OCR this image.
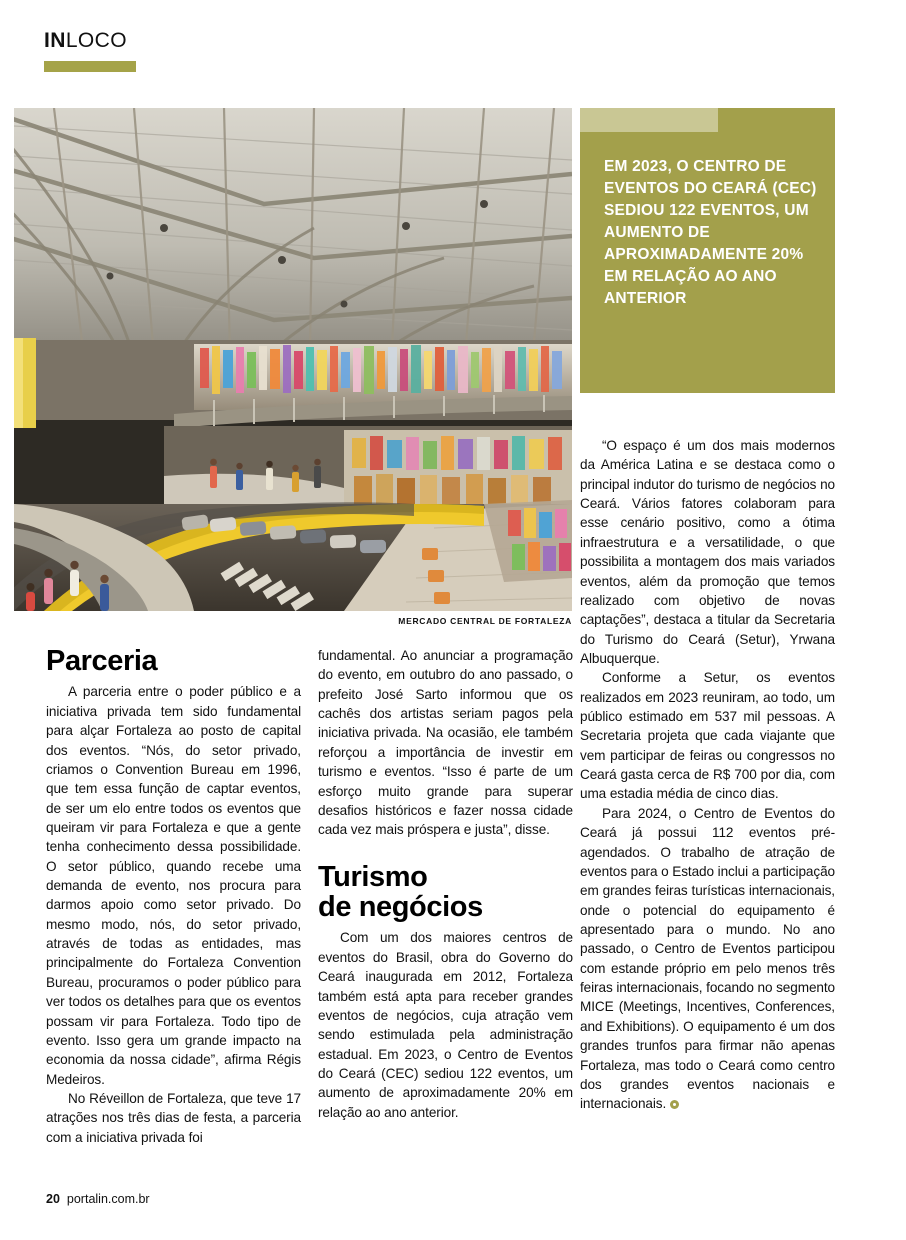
INLOCO
MERCADO CENTRAL DE FORTALEZA
EM 2023, O CENTRO DE EVENTOS DO CEARÁ (CEC) SEDIOU 122 EVENTOS, UM AUMENTO DE APROXIMADAMENTE 20% EM RELAÇÃO AO ANO ANTERIOR
Parceria

A parceria entre o poder público e a iniciativa privada tem sido fundamental para alçar Fortaleza ao posto de capital dos eventos. “Nós, do setor privado, criamos o Convention Bureau em 1996, que tem essa função de captar eventos, de ser um elo entre todos os eventos que queiram vir para Fortaleza e que a gente tenha conhecimento dessa possibilidade. O setor público, quando recebe uma demanda de evento, nos procura para darmos apoio como setor privado. Do mesmo modo, nós, do setor privado, através de todas as entidades, mas principalmente do Fortaleza Convention Bureau, procuramos o poder público para ver todos os detalhes para que os eventos possam vir para Fortaleza. Todo tipo de evento. Isso gera um grande impacto na economia da nossa cidade”, afirma Régis Medeiros.

No Réveillon de Fortaleza, que teve 17 atrações nos três dias de festa, a parceria com a iniciativa privada foi

fundamental. Ao anunciar a programação do evento, em outubro do ano passado, o prefeito José Sarto informou que os cachês dos artistas seriam pagos pela iniciativa privada. Na ocasião, ele também reforçou a importância de investir em turismo e eventos. “Isso é parte de um esforço muito grande para superar desafios históricos e fazer nossa cidade cada vez mais próspera e justa”, disse.

Turismo
de negócios

Com um dos maiores centros de eventos do Brasil, obra do Governo do Ceará inaugurada em 2012, Fortaleza também está apta para receber grandes eventos de negócios, cuja atração vem sendo estimulada pela administração estadual. Em 2023, o Centro de Eventos do Ceará (CEC) sediou 122 eventos, um aumento de aproximadamente 20% em relação ao ano anterior.

“O espaço é um dos mais modernos da América Latina e se destaca como o principal indutor do turismo de negócios no Ceará. Vários fatores colaboram para esse cenário positivo, como a ótima infraestrutura e a versatilidade, o que possibilita a montagem dos mais variados eventos, além da promoção que temos realizado com objetivo de novas captações”, destaca a titular da Secretaria do Turismo do Ceará (Setur), Yrwana Albuquerque.

Conforme a Setur, os eventos realizados em 2023 reuniram, ao todo, um público estimado em 537 mil pessoas. A Secretaria projeta que cada viajante que vem participar de feiras ou congressos no Ceará gasta cerca de R$ 700 por dia, com uma estadia média de cinco dias.

Para 2024, o Centro de Eventos do Ceará já possui 112 eventos pré-agendados. O trabalho de atração de eventos para o Estado inclui a participação em grandes feiras turísticas internacionais, onde o potencial do equipamento é apresentado para o mundo. No ano passado, o Centro de Eventos participou com estande próprio em pelo menos três feiras internacionais, focando no segmento MICE (Meetings, Incentives, Conferences, and Exhibitions). O equipamento é um dos grandes trunfos para firmar não apenas Fortaleza, mas todo o Ceará como centro dos grandes eventos nacionais e internacionais.

20 portalin.com.br
